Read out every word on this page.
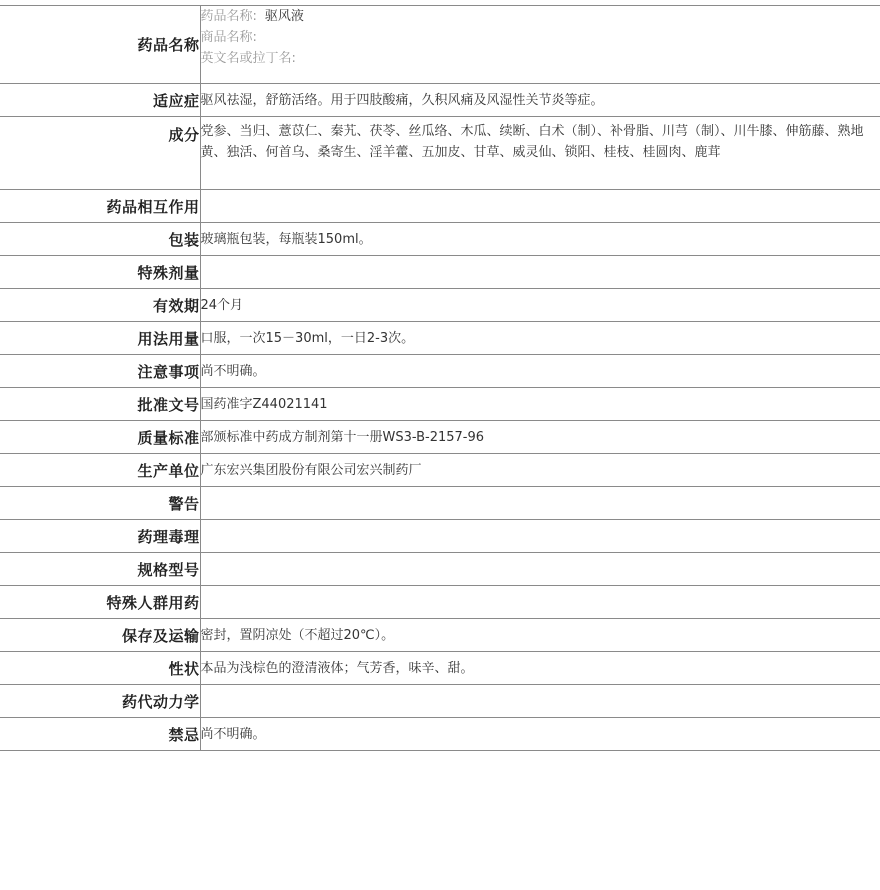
药品名称	药品名称: 驱风液
商品名称:
英文名或拉丁名:

适应症	驱风祛湿，舒筋活络。用于四肢酸痛，久积风痛及风湿性关节炎等症。
成分	党参、当归、薏苡仁、秦艽、茯苓、丝瓜络、木瓜、续断、白术（制）、补骨脂、川芎（制）、川牛膝、伸筋藤、熟地黄、独活、何首乌、桑寄生、淫羊藿、五加皮、甘草、威灵仙、锁阳、桂枝、桂圆肉、鹿茸
药品相互作用	
包装	玻璃瓶包装，每瓶装150ml。
特殊剂量	
有效期	24个月
用法用量	口服，一次15－30ml，一日2-3次。
注意事项	尚不明确。
批准文号	国药准字Z44021141
质量标准	部颁标准中药成方制剂第十一册WS3-B-2157-96
生产单位	广东宏兴集团股份有限公司宏兴制药厂
警告	
药理毒理	
规格型号	
特殊人群用药	
保存及运输	密封，置阴凉处（不超过20℃）。
性状	本品为浅棕色的澄清液体；气芳香，味辛、甜。
药代动力学	
禁忌	尚不明确。
